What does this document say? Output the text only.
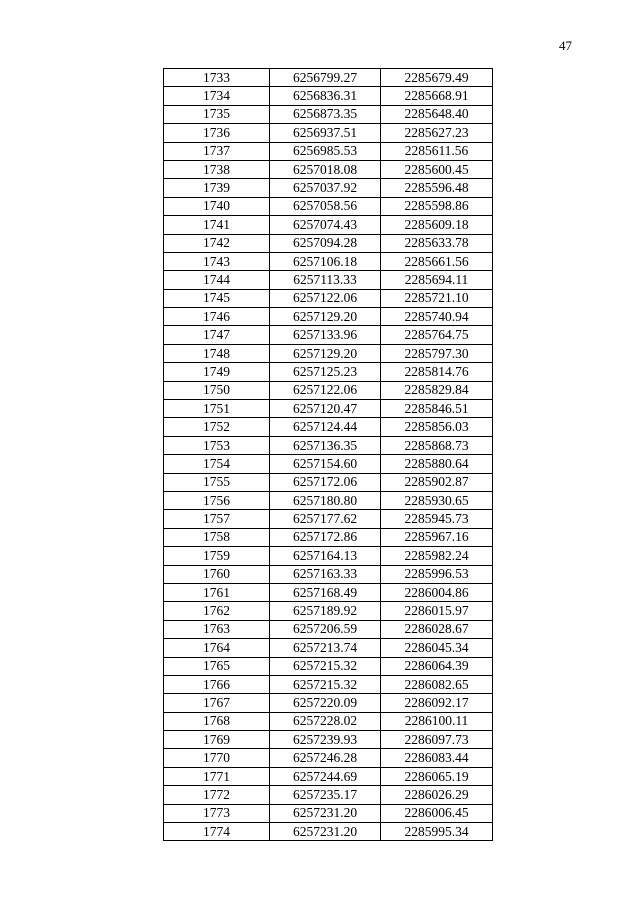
47
1733	6256799.27	2285679.49
1734	6256836.31	2285668.91
1735	6256873.35	2285648.40
1736	6256937.51	2285627.23
1737	6256985.53	2285611.56
1738	6257018.08	2285600.45
1739	6257037.92	2285596.48
1740	6257058.56	2285598.86
1741	6257074.43	2285609.18
1742	6257094.28	2285633.78
1743	6257106.18	2285661.56
1744	6257113.33	2285694.11
1745	6257122.06	2285721.10
1746	6257129.20	2285740.94
1747	6257133.96	2285764.75
1748	6257129.20	2285797.30
1749	6257125.23	2285814.76
1750	6257122.06	2285829.84
1751	6257120.47	2285846.51
1752	6257124.44	2285856.03
1753	6257136.35	2285868.73
1754	6257154.60	2285880.64
1755	6257172.06	2285902.87
1756	6257180.80	2285930.65
1757	6257177.62	2285945.73
1758	6257172.86	2285967.16
1759	6257164.13	2285982.24
1760	6257163.33	2285996.53
1761	6257168.49	2286004.86
1762	6257189.92	2286015.97
1763	6257206.59	2286028.67
1764	6257213.74	2286045.34
1765	6257215.32	2286064.39
1766	6257215.32	2286082.65
1767	6257220.09	2286092.17
1768	6257228.02	2286100.11
1769	6257239.93	2286097.73
1770	6257246.28	2286083.44
1771	6257244.69	2286065.19
1772	6257235.17	2286026.29
1773	6257231.20	2286006.45
1774	6257231.20	2285995.34
